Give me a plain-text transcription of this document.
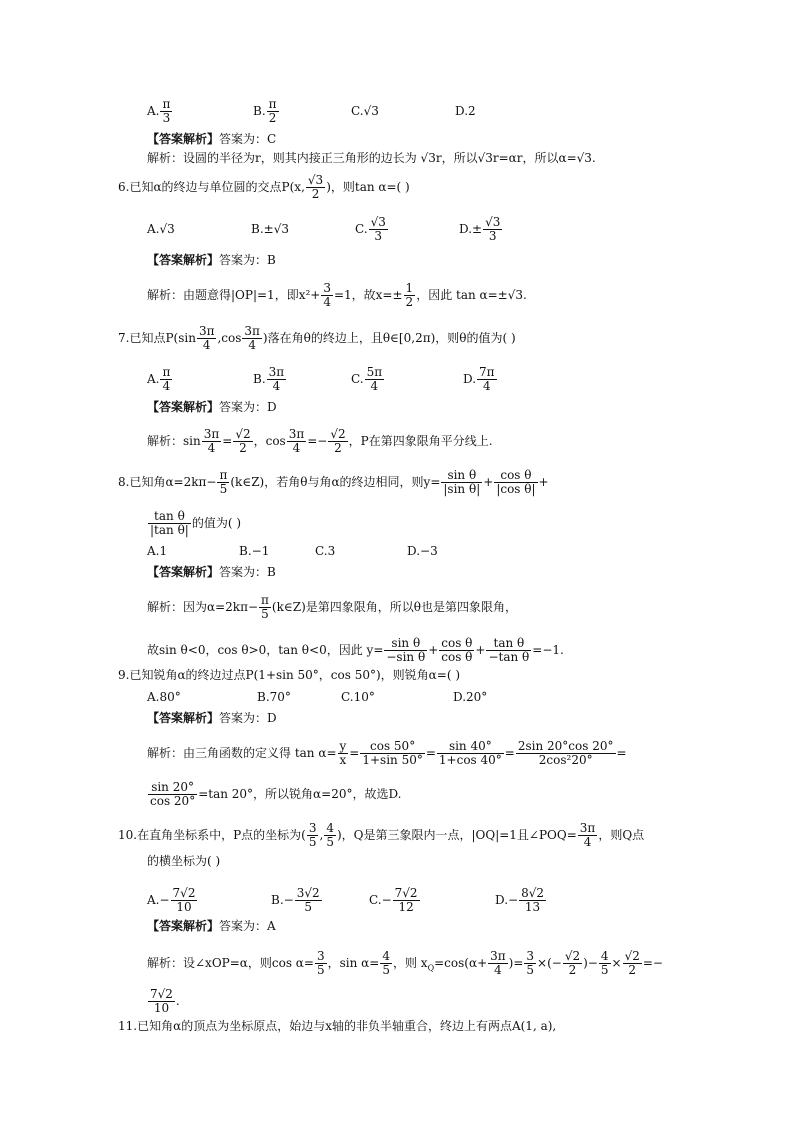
A. $\frac{\pi}{3}$	B. $\frac{\pi}{2}$	C.√3	D.2
【答案解析】答案为：C
解析：设圆的半径为r，则其内接正三角形的边长为 √3r，所以√3r=αr，所以α=√3.
6.已知α的终边与单位圆的交点P(x, $\frac{√3}{2}$ )，则tan α=( )
A.√3	B.±√3	C. $\frac{√3}{3}$	$D.\pm \frac{√3}{3}$
【答案解析】答案为：B
解析：由题意得|OP|=1，即$x^2+ \frac{3}{4} =1$，故$x=\pm \frac{1}{2}$ ，因此 tan α=±√3.
7.已知点$P(\sin \frac{3\pi}{4} ,\cos \frac{3\pi}{4}$ )落在角θ的终边上，且θ∈[0,2π)，则θ的值为( )
A. $\frac{\pi}{4}$	B. $\frac{3\pi}{4}$	C. $\frac{5\pi}{4}$	D. $\frac{7\pi}{4}$
【答案解析】答案为：D
解析：$\sin \frac{3\pi}{4} = \frac{√2}{2}$ ，$\cos \frac{3\pi}{4} =- \frac{√2}{2}$ ，P在第四象限角平分线上.
8.已知角$\alpha=2k\pi- \frac{\pi}{5}$ (k∈Z)，若角θ与角α的终边相同，则$y= \frac{\text{sin θ}}{\text{|sin θ|}} + \frac{\text{cos θ}}{\text{|cos θ|}}$ +
$\frac{\text{tan θ}}{\text{|tan θ|}}$ 的值为( )
A.1	B.−1	C.3	D.−3
【答案解析】答案为：B
解析：因为$\alpha=2k\pi- \frac{\pi}{5}$ (k∈Z)是第四象限角，所以θ也是第四象限角，
故sin θ<0，cos θ>0，tan θ<0，因此 $y= \frac{\text{sin θ}}{\text{−sin θ}} + \frac{\text{cos θ}}{\text{cos θ}} + \frac{\text{tan θ}}{\text{−tan θ}} =-1$.
9.已知锐角α的终边过点P(1+sin 50°，cos 50°)，则锐角α=( )
A.80°	B.70°	C.10°	D.20°
【答案解析】答案为：D
解析：由三角函数的定义得 $\tan \alpha= \frac{y}{x} = \frac{\cos 50^\circ}{1+\sin 50^\circ} = \frac{\sin 40^\circ}{1+\cos 40^\circ} = \frac{2\sin 20^\circ\cos 20^\circ}{\text{2cos²20°}}$ =
$\frac{\sin 20^\circ}{\cos 20^\circ} =\tan$ 20°，所以锐角α=20°，故选D.
10.在直角坐标系中，P点的坐标为( $\frac{3}{5}$ , $\frac{4}{5}$ )，Q是第三象限内一点，|OQ|=1且∠POQ= $\frac{3\pi}{4}$ ，则Q点
的横坐标为( )
$A.- \frac{7√2}{10}$	$B.- \frac{3√2}{5}$	$C.- \frac{7√2}{12}$	$D.- \frac{8√2}{13}$
【答案解析】答案为：A
解析：设∠xOP=α，则$\cos \alpha= \frac{3}{5}$ ，$\sin \alpha= \frac{4}{5}$ ，则 $x_Q=\cos(\alpha+ \frac{3\pi}{4}$ )= $\frac{3}{5}$ ×(− $\frac{√2}{2}$ )− $\frac{4}{5} \times \frac{√2}{2}$ =−
$\frac{7√2}{10}$ .
11.已知角α的顶点为坐标原点，始边与x轴的非负半轴重合，终边上有两点A(1, a),
